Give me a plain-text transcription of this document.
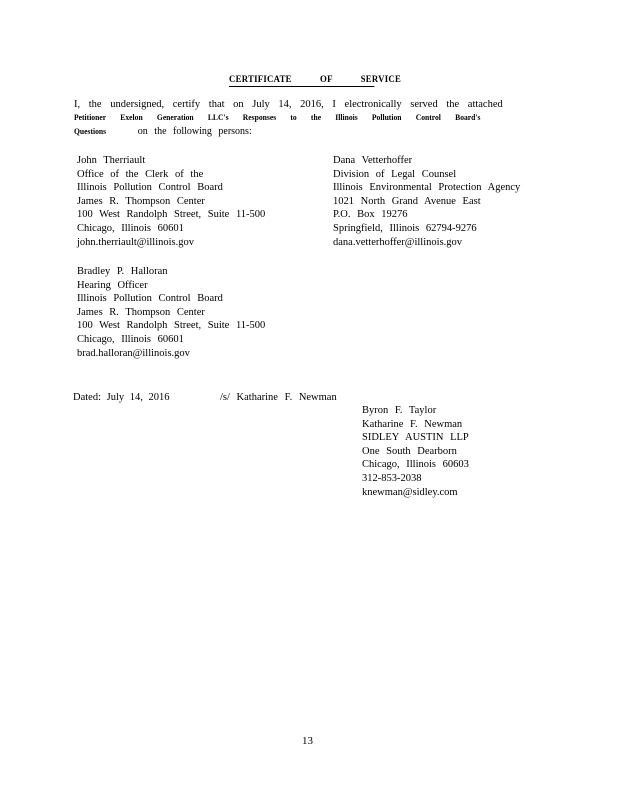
CERTIFICATE OF SERVICE
I, the undersigned, certify that on July 14, 2016, I electronically served the attached
Petitioner Exelon Generation LLC's Responses to the Illinois Pollution Control Board's
Questions	on the following persons:
John Therriault
Office of the Clerk of the
Illinois Pollution Control Board
James R. Thompson Center
100 West Randolph Street, Suite 11-500
Chicago, Illinois 60601
john.therriault@illinois.gov
Dana Vetterhoffer
Division of Legal Counsel
Illinois Environmental Protection Agency
1021 North Grand Avenue East
P.O. Box 19276
Springfield, Illinois 62794-9276
dana.vetterhoffer@illinois.gov
Bradley P. Halloran
Hearing Officer
Illinois Pollution Control Board
James R. Thompson Center
100 West Randolph Street, Suite 11-500
Chicago, Illinois 60601
brad.halloran@illinois.gov
Dated: July 14, 2016	/s/ Katharine F. Newman
Byron F. Taylor
Katharine F. Newman
SIDLEY AUSTIN LLP
One South Dearborn
Chicago, Illinois 60603
312-853-2038
knewman@sidley.com
13
